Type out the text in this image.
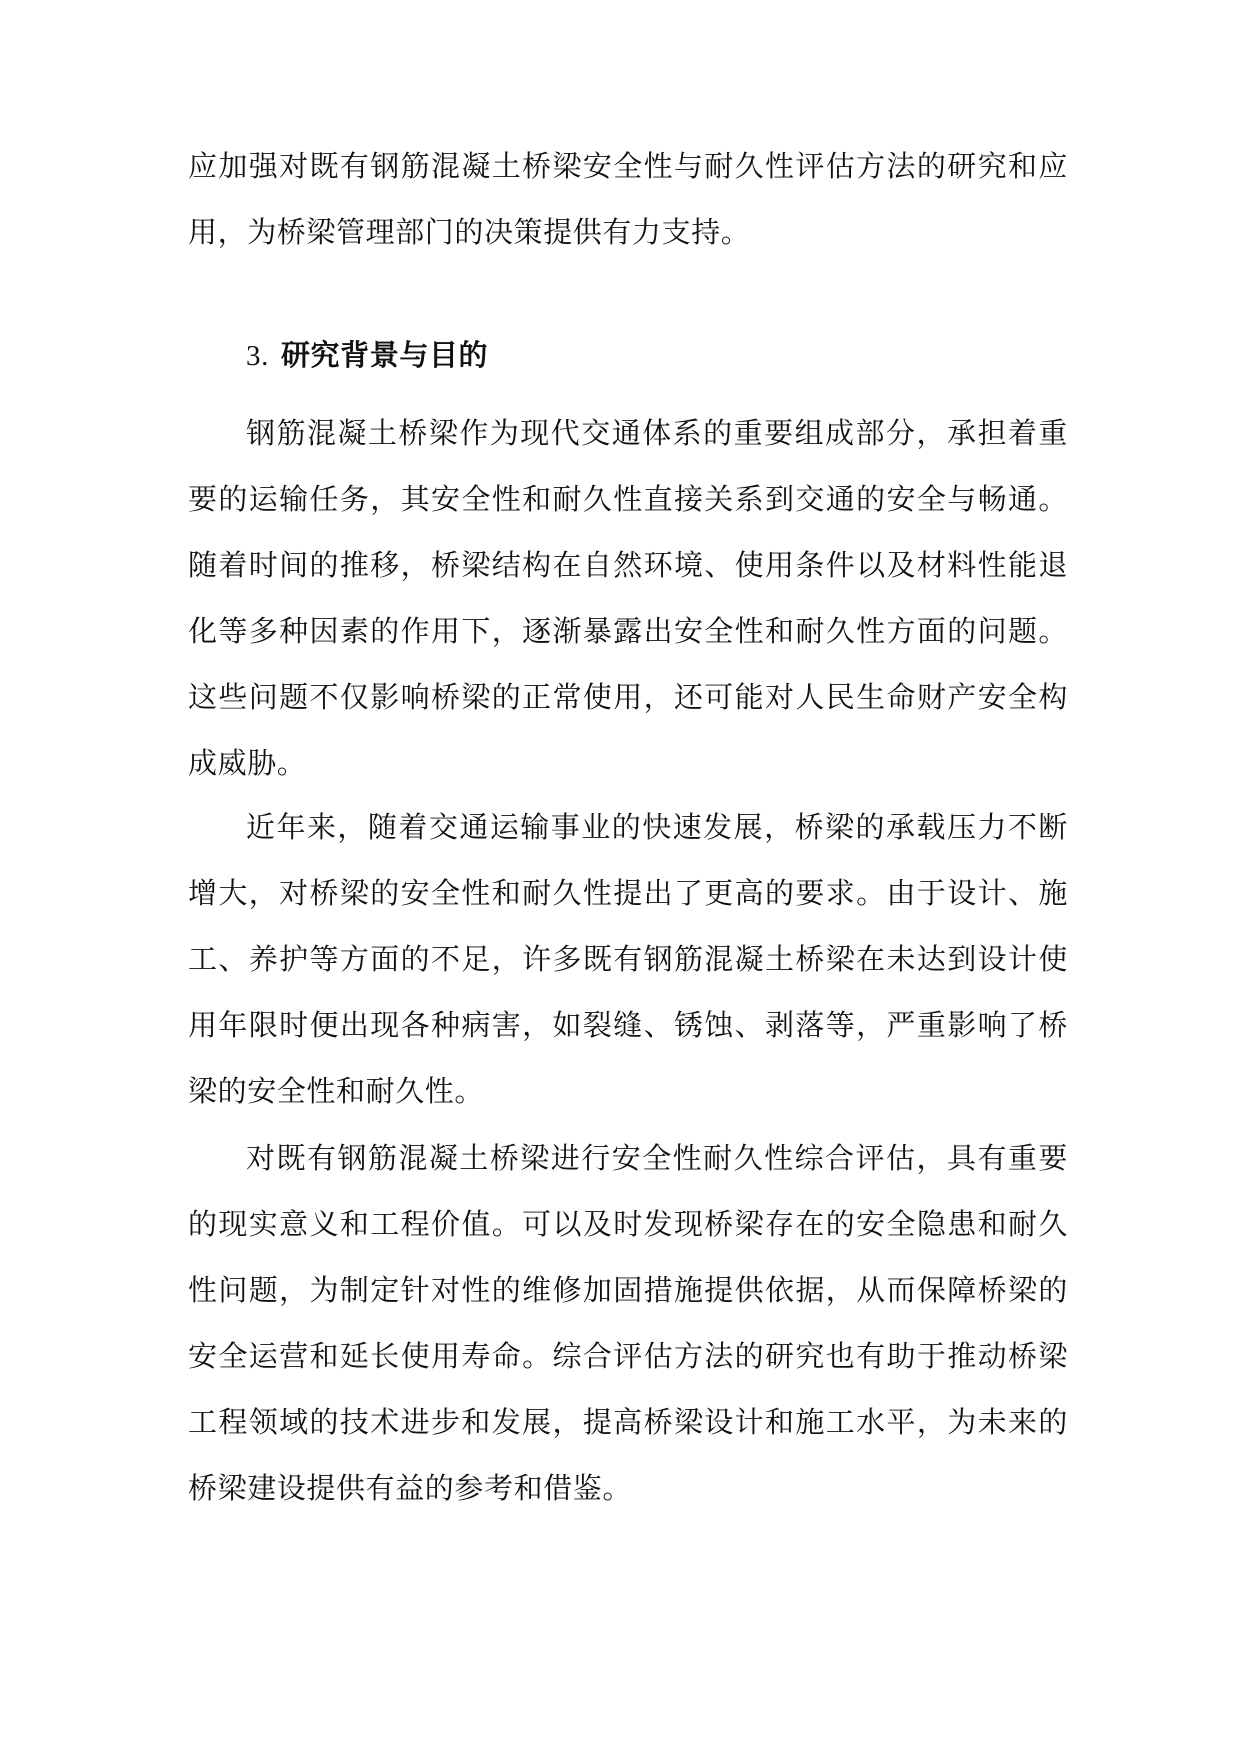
应加强对既有钢筋混凝土桥梁安全性与耐久性评估方法的研究和应用，为桥梁管理部门的决策提供有力支持。

3. 研究背景与目的

钢筋混凝土桥梁作为现代交通体系的重要组成部分，承担着重要的运输任务，其安全性和耐久性直接关系到交通的安全与畅通。随着时间的推移，桥梁结构在自然环境、使用条件以及材料性能退化等多种因素的作用下，逐渐暴露出安全性和耐久性方面的问题。这些问题不仅影响桥梁的正常使用，还可能对人民生命财产安全构成威胁。

近年来，随着交通运输事业的快速发展，桥梁的承载压力不断增大，对桥梁的安全性和耐久性提出了更高的要求。由于设计、施工、养护等方面的不足，许多既有钢筋混凝土桥梁在未达到设计使用年限时便出现各种病害，如裂缝、锈蚀、剥落等，严重影响了桥梁的安全性和耐久性。

对既有钢筋混凝土桥梁进行安全性耐久性综合评估，具有重要的现实意义和工程价值。可以及时发现桥梁存在的安全隐患和耐久性问题，为制定针对性的维修加固措施提供依据，从而保障桥梁的安全运营和延长使用寿命。综合评估方法的研究也有助于推动桥梁工程领域的技术进步和发展，提高桥梁设计和施工水平，为未来的桥梁建设提供有益的参考和借鉴。
